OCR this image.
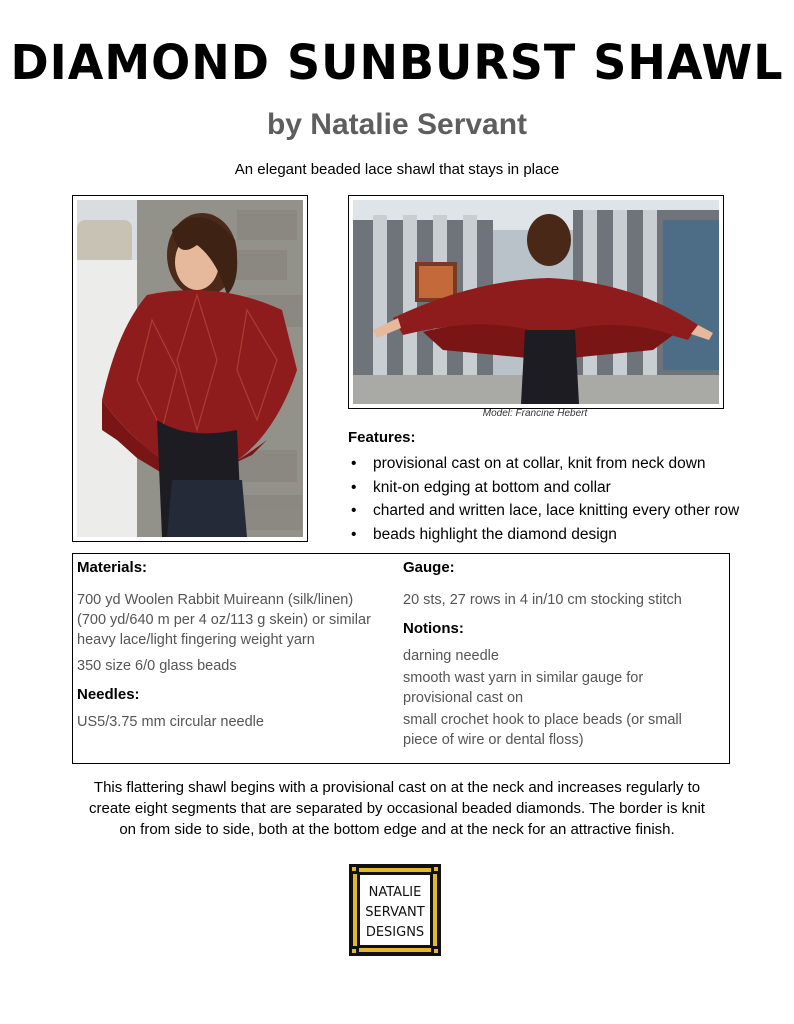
DIAMOND SUNBURST SHAWL
by Natalie Servant
An elegant beaded lace shawl that stays in place
Model: Francine Hebert
Features:
• provisional cast on at collar, knit from neck down
• knit-on edging at bottom and collar
• charted and written lace, lace knitting every other row
• beads highlight the diamond design
Materials:
700 yd Woolen Rabbit Muireann (silk/linen)
(700 yd/640 m per 4 oz/113 g skein) or similar
heavy lace/light fingering weight yarn
350 size 6/0 glass beads
Needles:
US5/3.75 mm circular needle
Gauge:
20 sts, 27 rows in 4 in/10 cm stocking stitch
Notions:
darning needle
smooth wast yarn in similar gauge for
provisional cast on
small crochet hook to place beads (or small
piece of wire or dental floss)
This flattering shawl begins with a provisional cast on at the neck and increases regularly to
create eight segments that are separated by occasional beaded diamonds. The border is knit
on from side to side, both at the bottom edge and at the neck for an attractive finish.
NATALIE
SERVANT
DESIGNS
